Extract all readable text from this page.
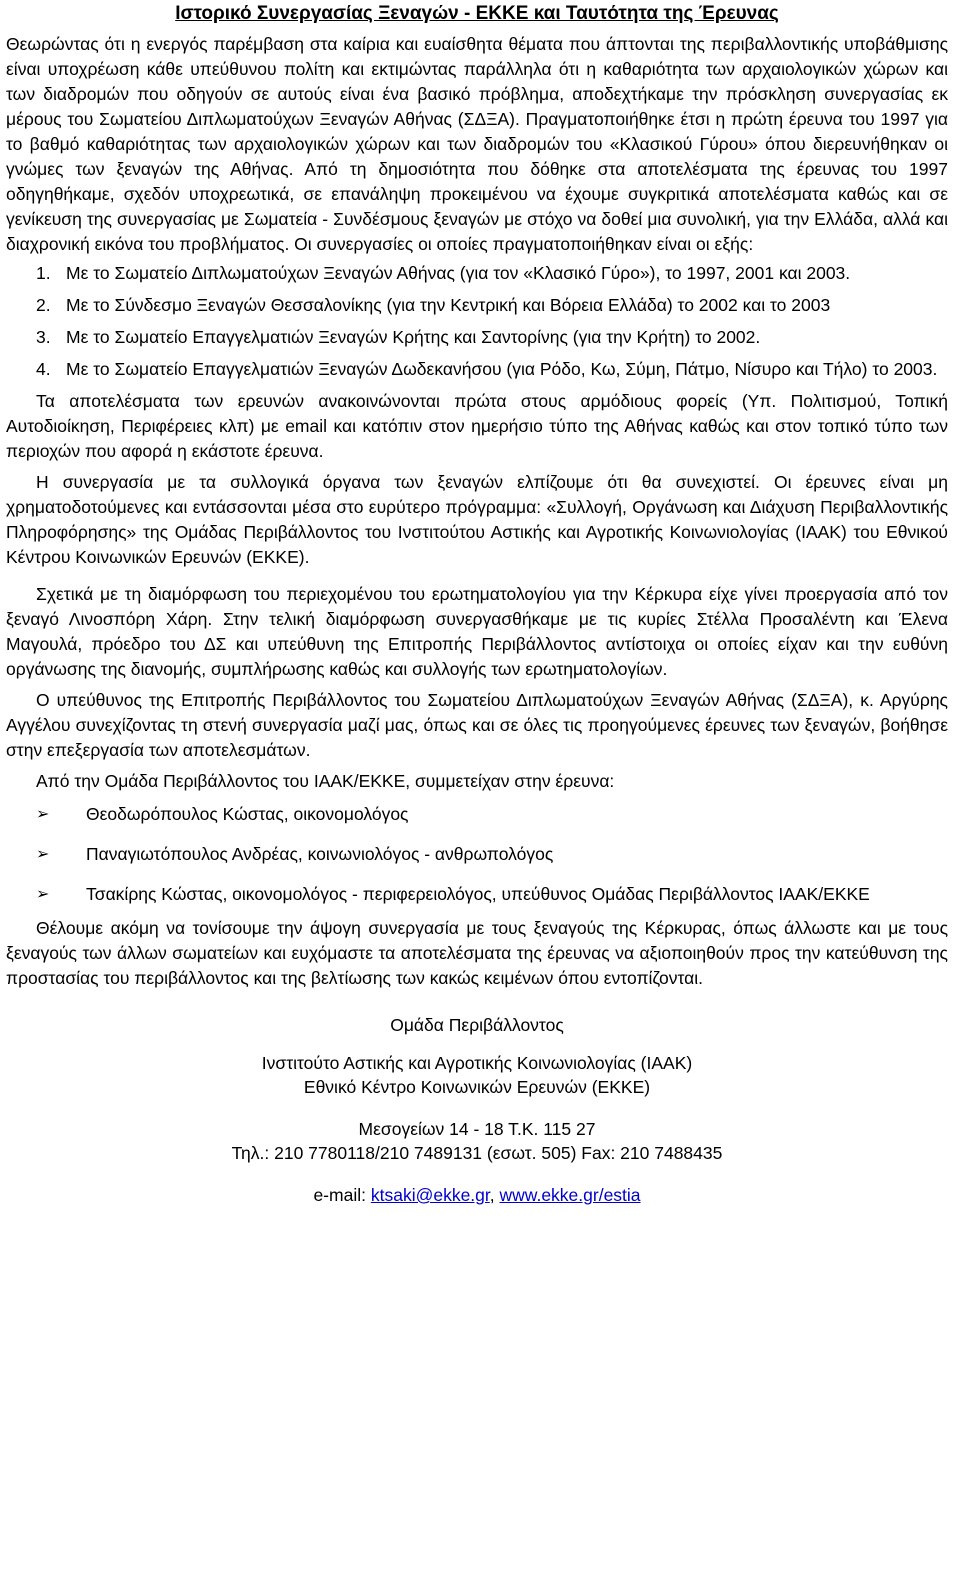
Ιστορικό Συνεργασίας Ξεναγών - ΕΚΚΕ και Ταυτότητα της Έρευνας

Θεωρώντας ότι η ενεργός παρέμβαση στα καίρια και ευαίσθητα θέματα που άπτονται της περιβαλλοντικής υποβάθμισης είναι υποχρέωση κάθε υπεύθυνου πολίτη και εκτιμώντας παράλληλα ότι η καθαριότητα των αρχαιολογικών χώρων και των διαδρομών που οδηγούν σε αυτούς είναι ένα βασικό πρόβλημα, αποδεχτήκαμε την πρόσκληση συνεργασίας εκ μέρους του Σωματείου Διπλωματούχων Ξεναγών Αθήνας (ΣΔΞΑ). Πραγματοποιήθηκε έτσι η πρώτη έρευνα του 1997 για το βαθμό καθαριότητας των αρχαιολογικών χώρων και των διαδρομών του «Κλασικού Γύρου» όπου διερευνήθηκαν οι γνώμες των ξεναγών της Αθήνας. Από τη δημοσιότητα που δόθηκε στα αποτελέσματα της έρευνας του 1997 οδηγηθήκαμε, σχεδόν υποχρεωτικά, σε επανάληψη προκειμένου να έχουμε συγκριτικά αποτελέσματα καθώς και σε γενίκευση της συνεργασίας με Σωματεία - Συνδέσμους ξεναγών με στόχο να δοθεί μια συνολική, για την Ελλάδα, αλλά και διαχρονική εικόνα του προβλήματος. Οι συνεργασίες οι οποίες πραγματοποιήθηκαν είναι οι εξής:

1. Με το Σωματείο Διπλωματούχων Ξεναγών Αθήνας (για τον «Κλασικό Γύρο»), το 1997, 2001 και 2003.
2. Με το Σύνδεσμο Ξεναγών Θεσσαλονίκης (για την Κεντρική και Βόρεια Ελλάδα) το 2002 και το 2003
3. Με το Σωματείο Επαγγελματιών Ξεναγών Κρήτης και Σαντορίνης (για την Κρήτη) το 2002.
4. Με το Σωματείο Επαγγελματιών Ξεναγών Δωδεκανήσου (για Ρόδο, Κω, Σύμη, Πάτμο, Νίσυρο και Τήλο) το 2003.

Τα αποτελέσματα των ερευνών ανακοινώνονται πρώτα στους αρμόδιους φορείς (Υπ. Πολιτισμού, Τοπική Αυτοδιοίκηση, Περιφέρειες κλπ) με email και κατόπιν στον ημερήσιο τύπο της Αθήνας καθώς και στον τοπικό τύπο των περιοχών που αφορά η εκάστοτε έρευνα.

Η συνεργασία με τα συλλογικά όργανα των ξεναγών ελπίζουμε ότι θα συνεχιστεί. Οι έρευνες είναι μη χρηματοδοτούμενες και εντάσσονται μέσα στο ευρύτερο πρόγραμμα: «Συλλογή, Οργάνωση και Διάχυση Περιβαλλοντικής Πληροφόρησης» της Ομάδας Περιβάλλοντος του Ινστιτούτου Αστικής και Αγροτικής Κοινωνιολογίας (ΙΑΑΚ) του Εθνικού Κέντρου Κοινωνικών Ερευνών (ΕΚΚΕ).

Σχετικά με τη διαμόρφωση του περιεχομένου του ερωτηματολογίου για την Κέρκυρα είχε γίνει προεργασία από τον ξεναγό Λινοσπόρη Χάρη. Στην τελική διαμόρφωση συνεργασθήκαμε με τις κυρίες Στέλλα Προσαλέντη και Έλενα Μαγουλά, πρόεδρο του ΔΣ και υπεύθυνη της Επιτροπής Περιβάλλοντος αντίστοιχα οι οποίες είχαν και την ευθύνη οργάνωσης της διανομής, συμπλήρωσης καθώς και συλλογής των ερωτηματολογίων.

Ο υπεύθυνος της Επιτροπής Περιβάλλοντος του Σωματείου Διπλωματούχων Ξεναγών Αθήνας (ΣΔΞΑ), κ. Αργύρης Αγγέλου συνεχίζοντας τη στενή συνεργασία μαζί μας, όπως και σε όλες τις προηγούμενες έρευνες των ξεναγών, βοήθησε στην επεξεργασία των αποτελεσμάτων.

Από την Ομάδα Περιβάλλοντος του ΙΑΑΚ/ΕΚΚΕ, συμμετείχαν στην έρευνα:

➢	Θεοδωρόπουλος Κώστας, οικονομολόγος
➢	Παναγιωτόπουλος Ανδρέας, κοινωνιολόγος - ανθρωπολόγος
➢	Τσακίρης Κώστας, οικονομολόγος - περιφερειολόγος, υπεύθυνος Ομάδας Περιβάλλοντος ΙΑΑΚ/ΕΚΚΕ

Θέλουμε ακόμη να τονίσουμε την άψογη συνεργασία με τους ξεναγούς της Κέρκυρας, όπως άλλωστε και με τους ξεναγούς των άλλων σωματείων και ευχόμαστε τα αποτελέσματα της έρευνας να αξιοποιηθούν προς την κατεύθυνση της προστασίας του περιβάλλοντος και της βελτίωσης των κακώς κειμένων όπου εντοπίζονται.

Ομάδα Περιβάλλοντος
Ινστιτούτο Αστικής και Αγροτικής Κοινωνιολογίας (ΙΑΑΚ)
Εθνικό Κέντρο Κοινωνικών Ερευνών (ΕΚΚΕ)
Μεσογείων 14 - 18 Τ.Κ. 115 27
Τηλ.: 210 7780118/210 7489131 (εσωτ. 505) Fax: 210 7488435
e-mail: ktsaki@ekke.gr, www.ekke.gr/estia
